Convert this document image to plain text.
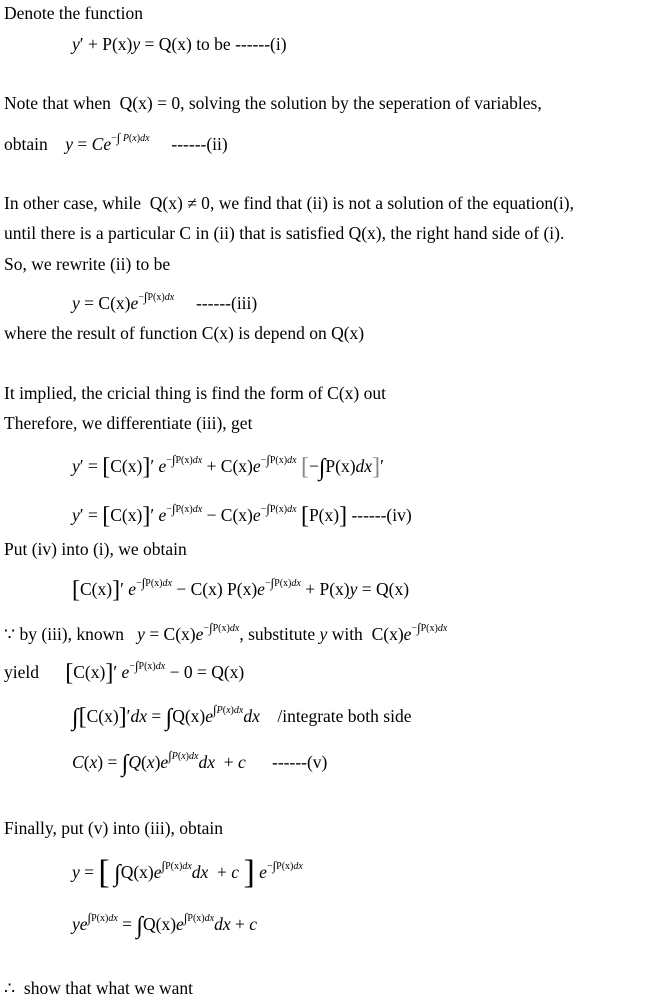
Denote the function
y′ + P(x)y = Q(x) to be ------(i)
Note that when  Q(x) = 0, solving the solution by the seperation of variables,
obtain $y = Ce^{-\int P(x)dx}$ ------(ii)
In other case, while  Q(x) ≠ 0, we find that (ii) is not a solution of the equation(i),
until there is a particular C in (ii) that is satisfied Q(x), the right hand side of (i).
So, we rewrite (ii) to be
$y = C(x)e^{-\int P(x)dx}$ ------(iii)
where the result of function C(x) is depend on Q(x)
It implied, the cricial thing is find the form of C(x) out
Therefore, we differentiate (iii), get
y′ = [C(x)]′ $e^{-\int P(x)dx} + C(x)e^{-\int P(x)dx}$ [−∫P(x)dx]′
y′ = [C(x)]′ $e^{-\int P(x)dx} - C(x)e^{-\int P(x)dx}$ [P(x)] ------(iv)
Put (iv) into (i), we obtain
[C(x)]′ $e^{-\int P(x)dx} - C(x) P(x)e^{-\int P(x)dx} + P(x)y = Q(x)$
∵ by (iii), known $y = C(x)e^{-\int P(x)dx}$, substitute y with  $C(x)e^{-\int P(x)dx}$
yield [C(x)]′ $e^{-\int P(x)dx} - 0 = Q(x)$
$\int[C(x)]'dx = \int Q(x)e^{\int P(x)dx}dx$ /integrate both side
$C(x) = \int Q(x)e^{\int P(x)dx}dx + c$ ------(v)
Finally, put (v) into (iii), obtain
y = [ $\int Q(x)e^{\int P(x)dx}dx + c$ ] $e^{-\int P(x)dx}$
$ye^{\int P(x)dx} = \int Q(x)e^{\int P(x)dx}dx + c$
∴ show that what we want
